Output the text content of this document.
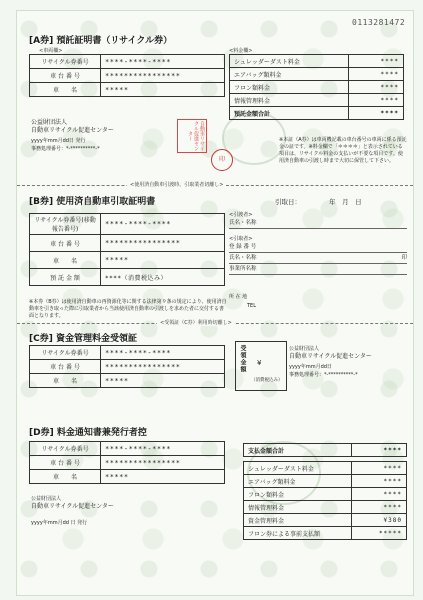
0113281472
[A券] 預託証明書（リサイクル券）
<車両欄>	<料金欄>
リサイクル券番号	****-****-****
車 台 番 号	****************
車　　名	*****
シュレッダーダスト料金	****
エアバッグ類料金	****
フロン類料金	****
情報管理料金	****
預託金額合計	****
公益財団法人
自動車リサイクル促進センター
yyyy年mm月dd日 発行
事務処理番号：*-**********-*	自動車リサイクル促進センター
印
※本証（A券）は車両機記載の車台番号の車両に係る預託金の証です。※料金欄で「＊＊＊＊」と表示されている項目は、リサイクル料金の支払いが不要な項目です。使用済自動車の引渡し時まで大切に保管して下さい。
<使用済自動車引渡時、引取業者切離し>
[B券] 使用済自動車引取証明書	引取日：	年　月　日
リサイクル券番号(移動報告番号)	****-****-****
車 台 番 号	****************
車　　名	*****
預 託 金 額	****（消費税込み）
<引渡者>
氏名・名称
<引取者>
登 録 番 号
氏名・名称	印
事業所名称
※本券（B券）は使用済自動車の再資源化等に関する法律第９条の規定により、使用済自動車を引き取った際に引取業者から当該使用済自動車の引渡しを求めた者に交付する書面となります。
所 在 地
TEL
<受領証（C券）利用時切離し>
[C券] 資金管理料金受領証
リサイクル券番号	****-****-****
車 台 番 号	****************
車　　名	*****
受領金額 ¥
（消費税込み）
公益財団法人
自動車リサイクル促進センター
yyyy年mm月dd日
事務処理番号：*-**********-*
[D券] 料金通知書兼発行者控
リサイクル券番号	****-****-****
車 台 番 号	****************
車　　名	*****
公益財団法人
自動車リサイクル促進センター
yyyy年mm月dd 日 発行
支払金額合計	****

シュレッダーダスト料金	****
エアバッグ類料金	****
フロン類料金	****
情報管理料金	****
資金管理料金	¥380
フロン券による事前支払額	*****
